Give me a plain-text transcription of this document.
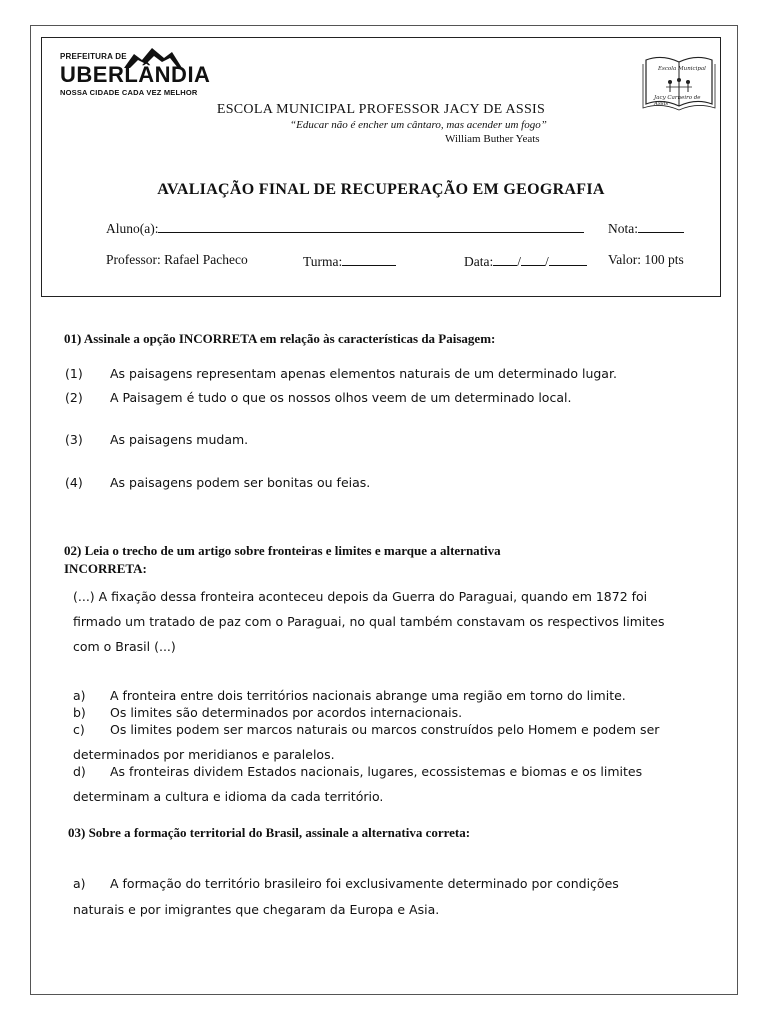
PREFEITURA DE
UBERLÂNDIA
NOSSA CIDADE CADA VEZ MELHOR
Escola Municipal
Jacy Carneiro de Assis
ESCOLA MUNICIPAL PROFESSOR JACY DE ASSIS
“Educar não é encher um cântaro, mas acender um fogo”
William Buther Yeats
AVALIAÇÃO FINAL DE RECUPERAÇÃO EM GEOGRAFIA
Aluno(a):	Nota:
Professor: Rafael Pacheco	Turma:	Data: / /	Valor: 100 pts
01) Assinale a opção INCORRETA em relação às características da Paisagem:
(1) As paisagens representam apenas elementos naturais de um determinado lugar.
(2) A Paisagem é tudo o que os nossos olhos veem de um determinado local.
(3) As paisagens mudam.
(4) As paisagens podem ser bonitas ou feias.
02) Leia o trecho de um artigo sobre fronteiras e limites e marque a alternativa
INCORRETA:
(...) A fixação dessa fronteira aconteceu depois da Guerra do Paraguai, quando em 1872 foi
firmado um tratado de paz com o Paraguai, no qual também constavam os respectivos limites
com o Brasil (...)
a) A fronteira entre dois territórios nacionais abrange uma região em torno do limite.
b) Os limites são determinados por acordos internacionais.
c) Os limites podem ser marcos naturais ou marcos construídos pelo Homem e podem ser
determinados por meridianos e paralelos.
d) As fronteiras dividem Estados nacionais, lugares, ecossistemas e biomas e os limites
determinam a cultura e idioma da cada território.
03) Sobre a formação territorial do Brasil, assinale a alternativa correta:
a) A formação do território brasileiro foi exclusivamente determinado por condições
naturais e por imigrantes que chegaram da Europa e Asia.
